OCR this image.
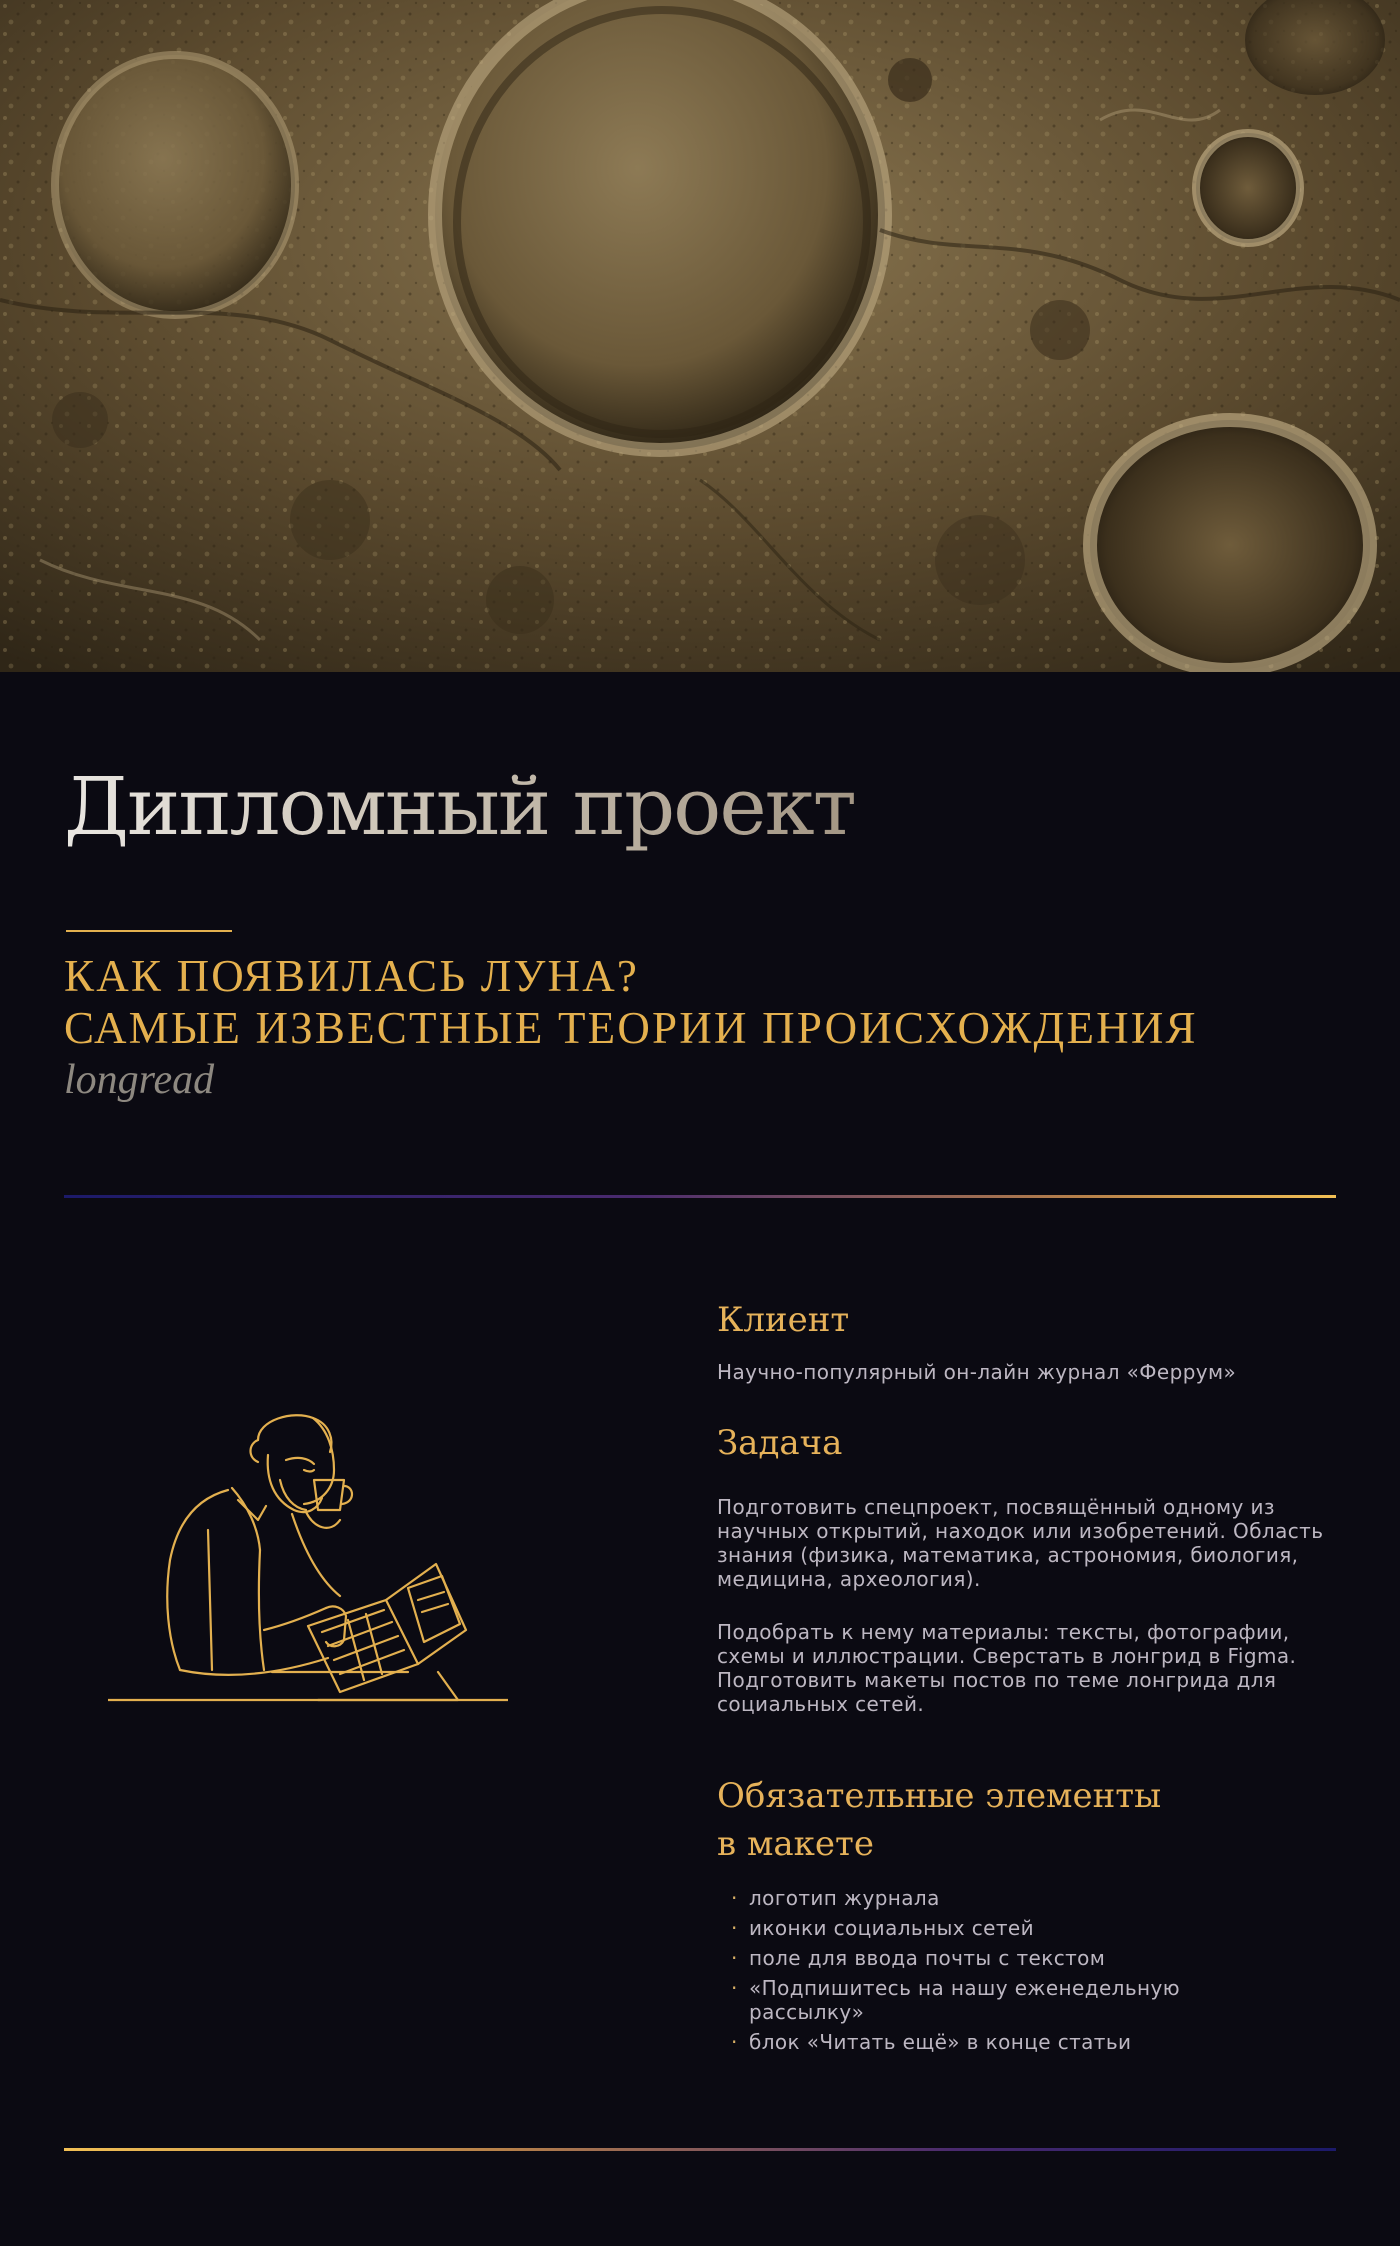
Дипломный проект
КАК ПОЯВИЛАСЬ ЛУНА?
САМЫЕ ИЗВЕСТНЫЕ ТЕОРИИ ПРОИСХОЖДЕНИЯ
longread
Клиент

Научно-популярный он-лайн журнал «Феррум»

Задача

Подготовить спецпроект, посвящённый одному из научных открытий, находок или изобретений. Область знания (физика, математика, астрономия, биология, медицина, археология).

Подобрать к нему материалы: тексты, фотографии, схемы и иллюстрации. Сверстать в лонгрид в Figma. Подготовить макеты постов по теме лонгрида для социальных сетей.

Обязательные элементы
в макете
· логотип журнала
· иконки социальных сетей
· поле для ввода почты с текстом
· «Подпишитесь на нашу еженедельную рассылку»
· блок «Читать ещё» в конце статьи
